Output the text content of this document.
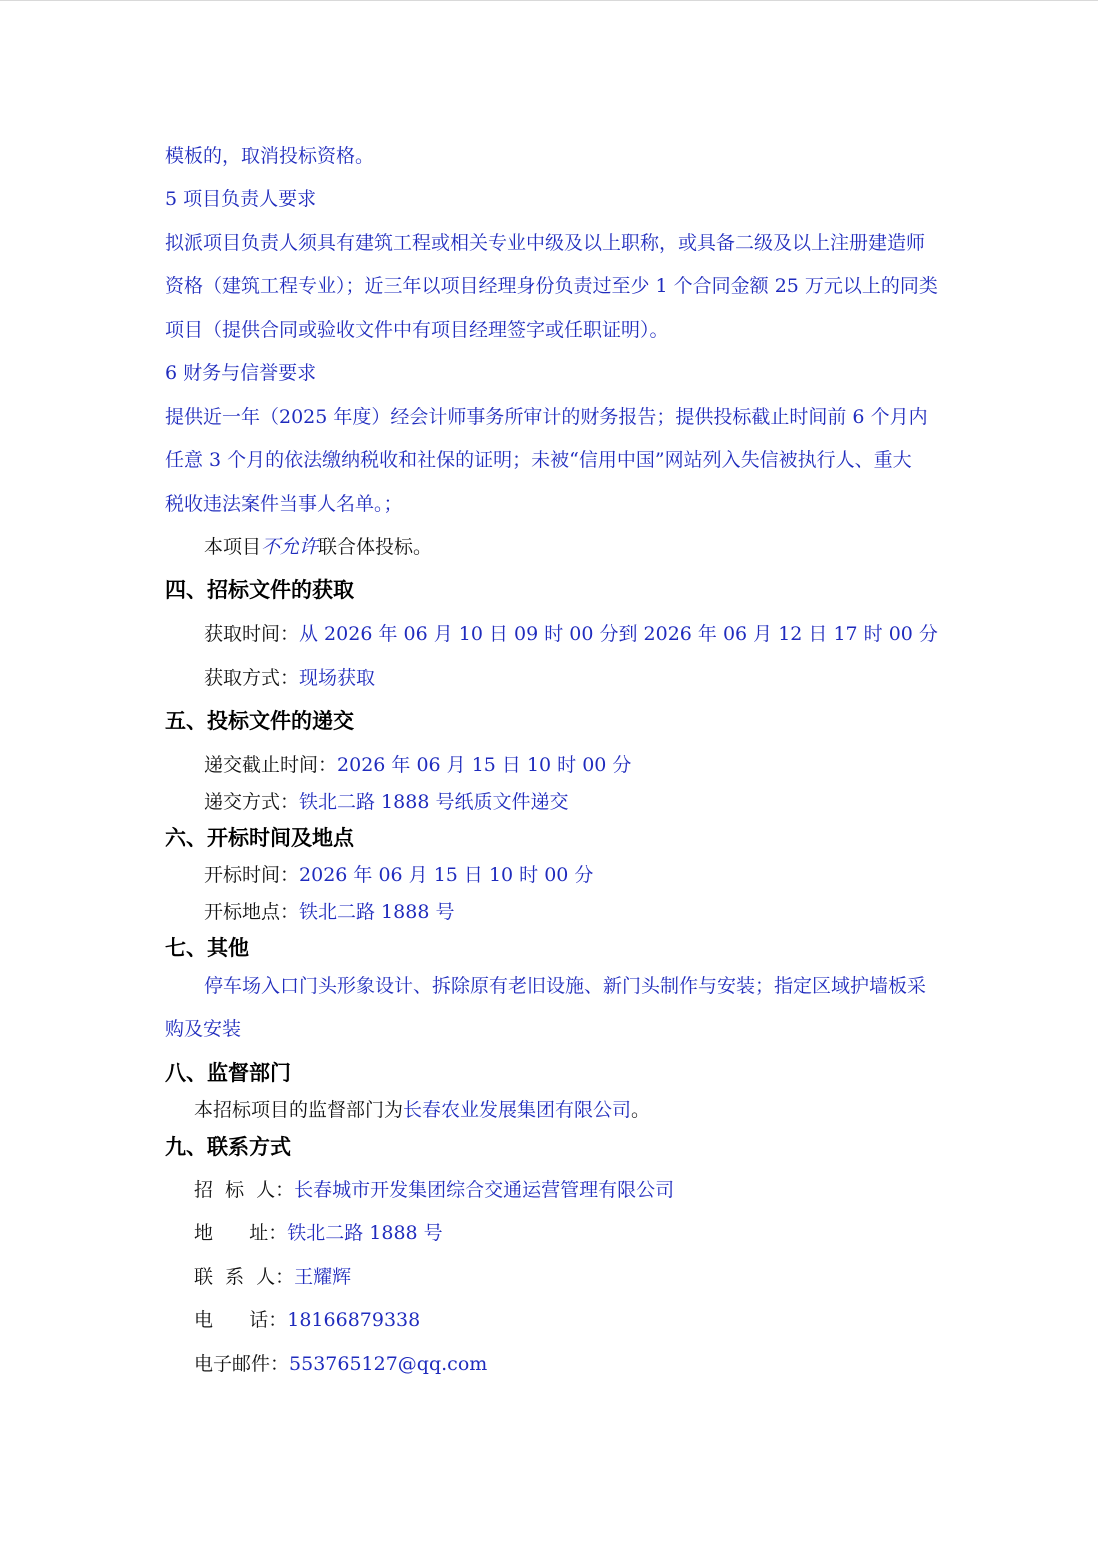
模板的，取消投标资格。
5 项目负责人要求
拟派项目负责人须具有建筑工程或相关专业中级及以上职称，或具备二级及以上注册建造师
资格（建筑工程专业）；近三年以项目经理身份负责过至少 1 个合同金额 25 万元以上的同类
项目（提供合同或验收文件中有项目经理签字或任职证明）。
6 财务与信誉要求
提供近一年（2025 年度）经会计师事务所审计的财务报告；提供投标截止时间前 6 个月内
任意 3 个月的依法缴纳税收和社保的证明；未被“信用中国”网站列入失信被执行人、重大
税收违法案件当事人名单。；
本项目不允许联合体投标。
四、招标文件的获取
获取时间：从 2026 年 06 月 10 日 09 时 00 分到 2026 年 06 月 12 日 17 时 00 分
获取方式：现场获取
五、投标文件的递交
递交截止时间：2026 年 06 月 15 日 10 时 00 分
递交方式：铁北二路 1888 号纸质文件递交
六、开标时间及地点
开标时间：2026 年 06 月 15 日 10 时 00 分
开标地点：铁北二路 1888 号
七、其他
停车场入口门头形象设计、拆除原有老旧设施、新门头制作与安装；指定区域护墙板采
购及安装
八、监督部门
本招标项目的监督部门为长春农业发展集团有限公司。
九、联系方式
招  标  人：长春城市开发集团综合交通运营管理有限公司
地      址：铁北二路 1888 号
联  系  人：王耀辉
电      话：18166879338
电子邮件：553765127@qq.com
